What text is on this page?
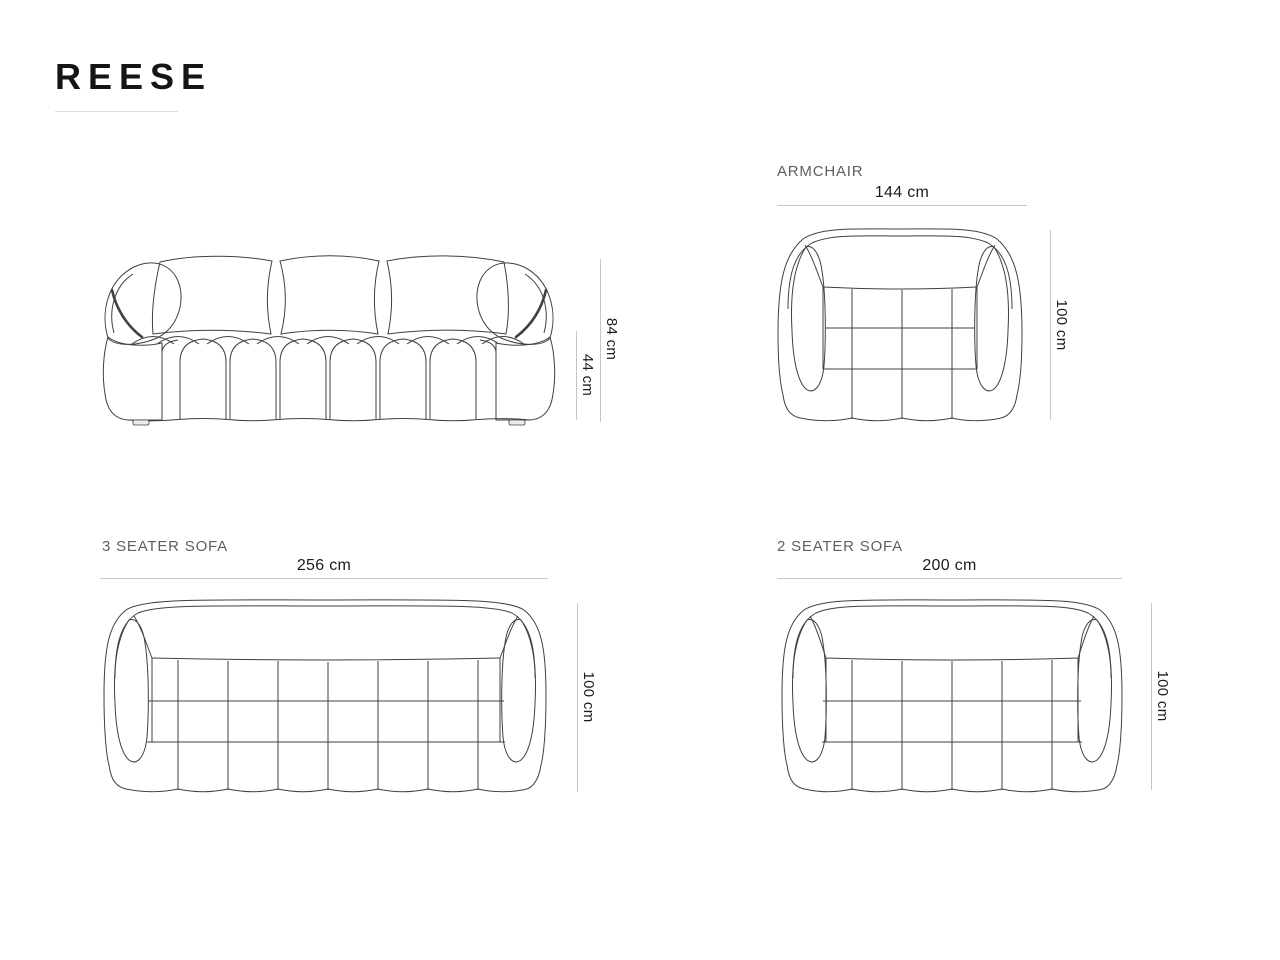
REESE
84 cm
44 cm
ARMCHAIR
144 cm
100 cm
3 SEATER SOFA
256 cm
100 cm
2 SEATER SOFA
200 cm
100 cm
